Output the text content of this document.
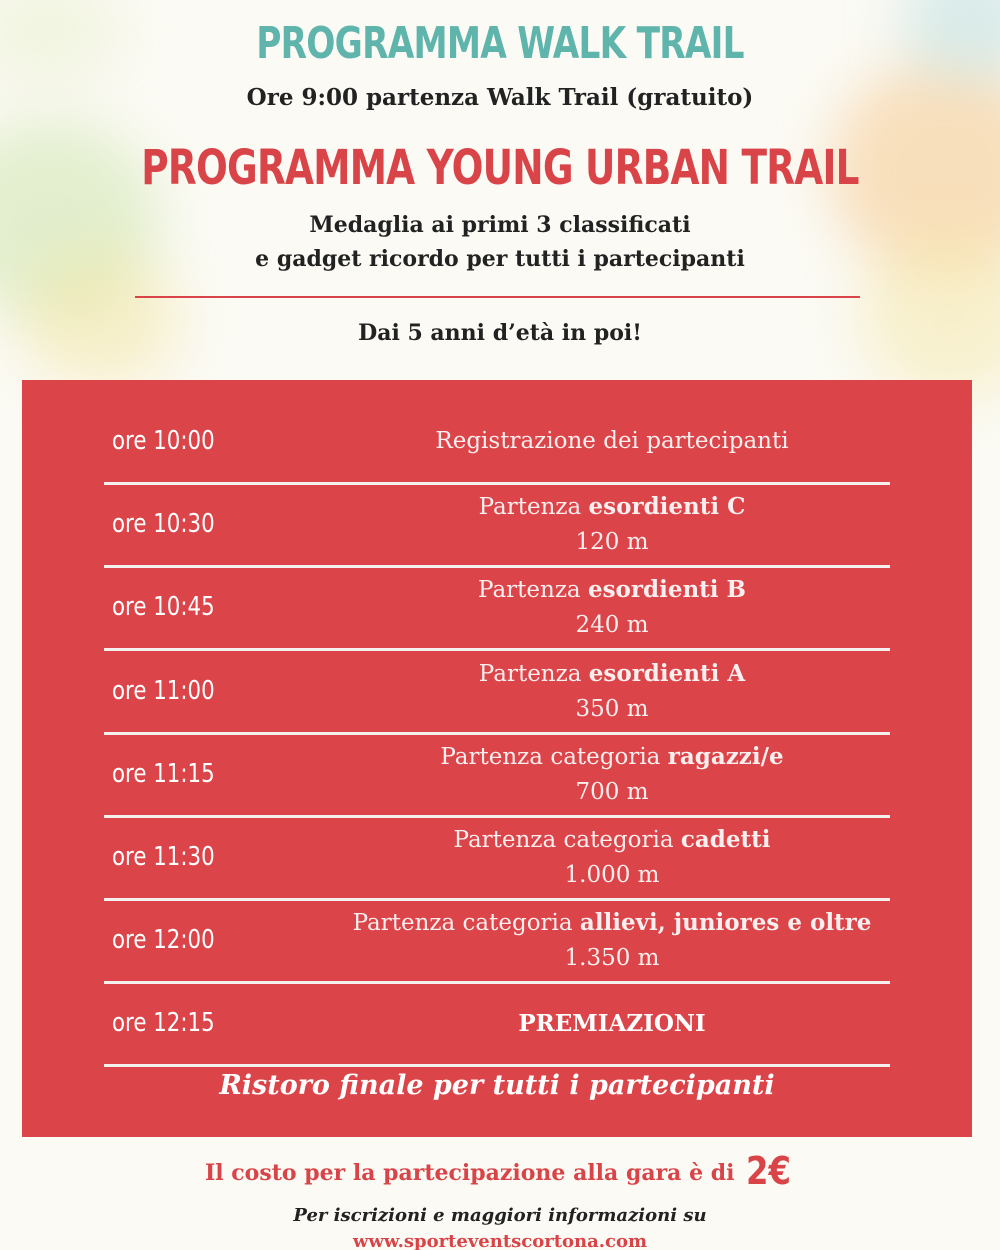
PROGRAMMA WALK TRAIL
Ore 9:00 partenza Walk Trail (gratuito)
PROGRAMMA YOUNG URBAN TRAIL
Medaglia ai primi 3 classificati
e gadget ricordo per tutti i partecipanti
Dai 5 anni d’età in poi!
ore 10:00	Registrazione dei partecipanti
ore 10:30
Partenza esordienti C
120 m
ore 10:45
Partenza esordienti B
240 m
ore 11:00
Partenza esordienti A
350 m
ore 11:15
Partenza categoria ragazzi/e
700 m
ore 11:30
Partenza categoria cadetti
1.000 m
ore 12:00
Partenza categoria allievi, juniores e oltre
1.350 m
ore 12:15	PREMIAZIONI
Ristoro finale per tutti i partecipanti
Il costo per la partecipazione alla gara è di 2€
Per iscrizioni e maggiori informazioni su
www.sporteventscortona.com
